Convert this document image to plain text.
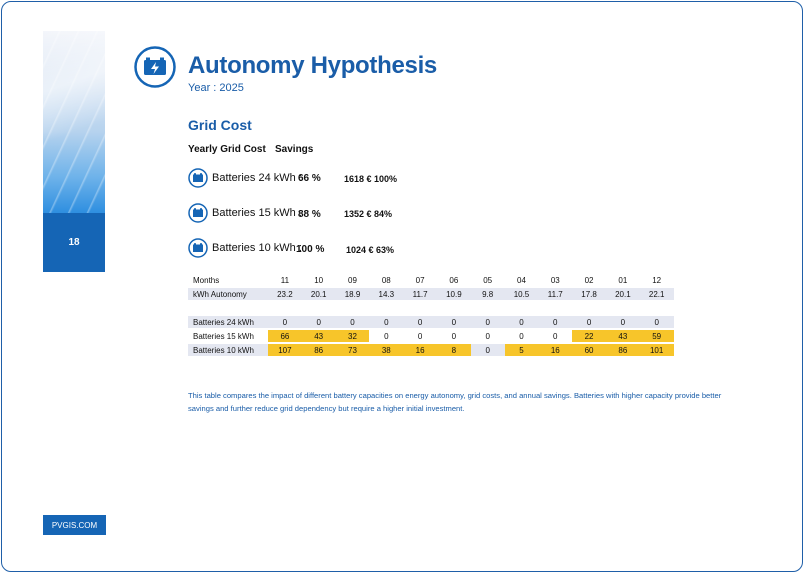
18
PVGIS.COM
Autonomy Hypothesis
Year : 2025
Grid Cost
Yearly Grid Cost Savings
Batteries 24 kWh :
66 %	1618 € 100%
Batteries 15 kWh :
88 %	1352 € 84%
Batteries 10 kWh :
100 % 1024 € 63%
Months	11	10	09	08	07	06	05	04	03	02	01	12
kWh Autonomy	23.2	20.1	18.9	14.3	11.7	10.9	9.8	10.5	11.7	17.8	20.1	22.1

Batteries 24 kWh	0	0	0	0	0	0	0	0	0	0	0	0
Batteries 15 kWh	66	43	32	0	0	0	0	0	0	22	43	59
Batteries 10 kWh	107	86	73	38	16	8	0	5	16	60	86	101
This table compares the impact of different battery capacities on energy autonomy, grid costs, and annual savings. Batteries with higher capacity provide better savings and further reduce grid dependency but require a higher initial investment.
